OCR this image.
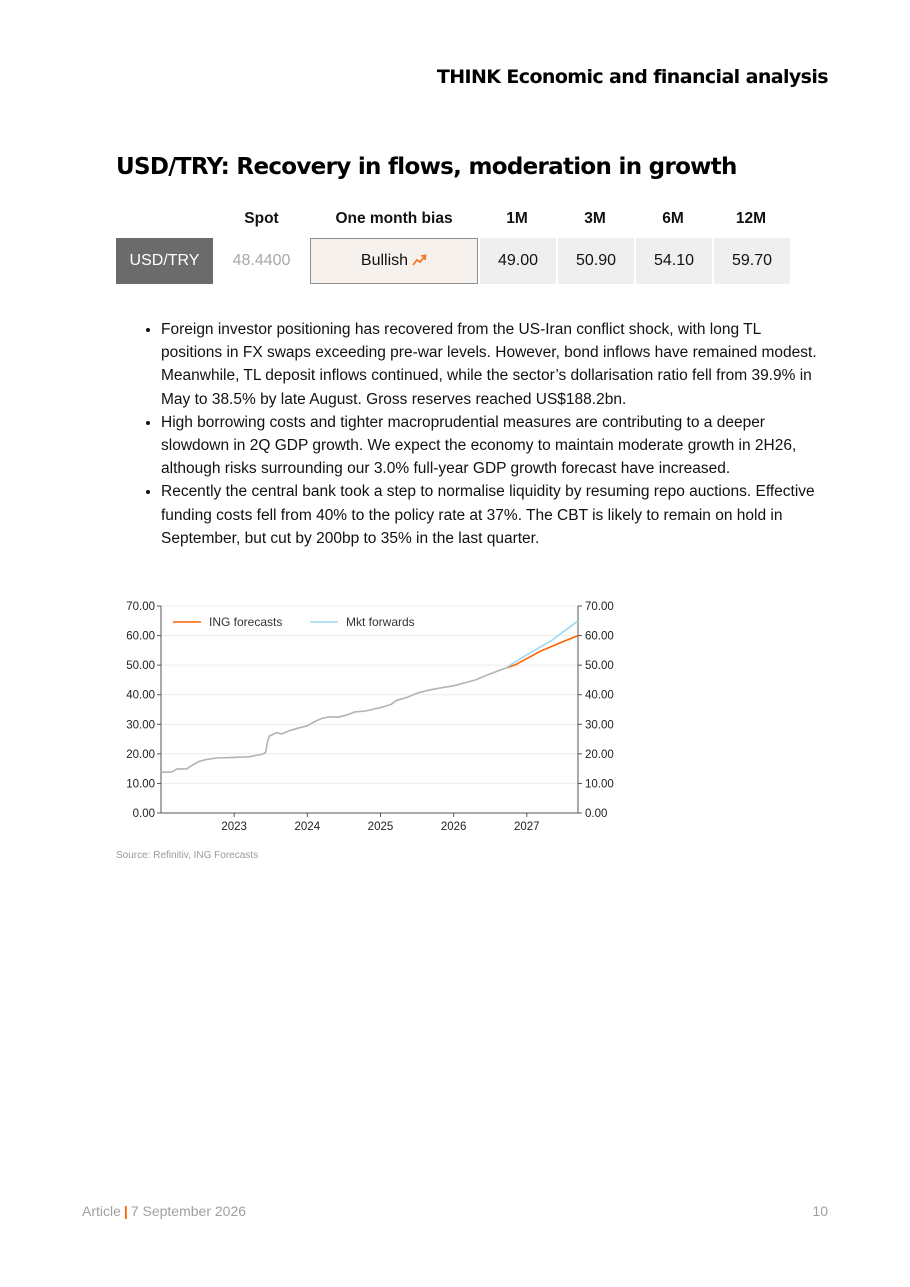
THINK Economic and financial analysis
USD/TRY: Recovery in flows, moderation in growth
	Spot	One month bias	1M	3M	6M	12M
USD/TRY	48.4400	Bullish	49.00	50.90	54.10	59.70
• Foreign investor positioning has recovered from the US-Iran conflict shock, with long TL positions in FX swaps exceeding pre-war levels. However, bond inflows have remained modest. Meanwhile, TL deposit inflows continued, while the sector’s dollarisation ratio fell from 39.9% in May to 38.5% by late August. Gross reserves reached US$188.2bn.
• High borrowing costs and tighter macroprudential measures are contributing to a deeper slowdown in 2Q GDP growth. We expect the economy to maintain moderate growth in 2H26, although risks surrounding our 3.0% full-year GDP growth forecast have increased.
• Recently the central bank took a step to normalise liquidity by resuming repo auctions. Effective funding costs fell from 40% to the policy rate at 37%. The CBT is likely to remain on hold in September, but cut by 200bp to 35% in the last quarter.
0.00	0.00
10.00	10.00
20.00	20.00
30.00	30.00
40.00	40.00
50.00	50.00
60.00	60.00
70.00	70.00
2023	2024	2025	2026	2027
ING forecasts	Mkt forwards
Source: Refinitiv, ING Forecasts
Article | 7 September 2026	10
